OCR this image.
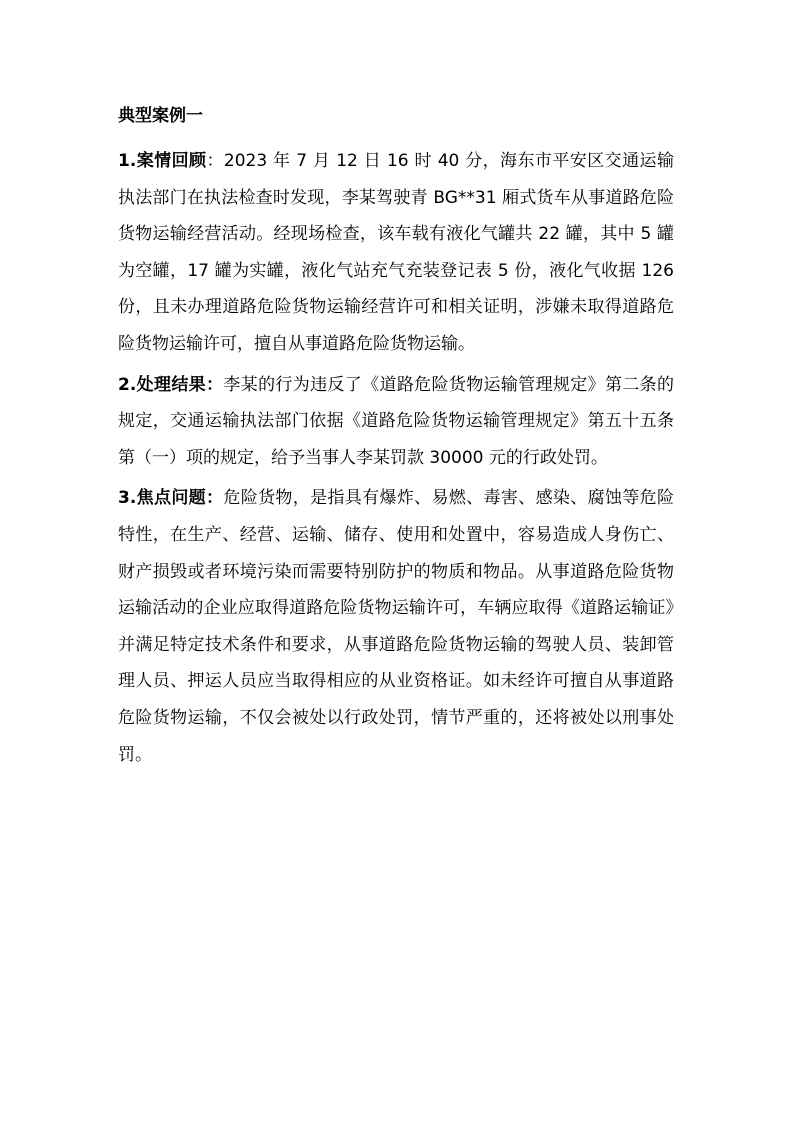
典型案例一

1.案情回顾：2023 年 7 月 12 日 16 时 40 分，海东市平安区交通运输执法部门在执法检查时发现，李某驾驶青 BG**31 厢式货车从事道路危险货物运输经营活动。经现场检查，该车载有液化气罐共 22 罐，其中 5 罐为空罐，17 罐为实罐，液化气站充气充装登记表 5 份，液化气收据 126 份，且未办理道路危险货物运输经营许可和相关证明，涉嫌未取得道路危险货物运输许可，擅自从事道路危险货物运输。

2.处理结果：李某的行为违反了《道路危险货物运输管理规定》第二条的规定，交通运输执法部门依据《道路危险货物运输管理规定》第五十五条第（一）项的规定，给予当事人李某罚款 30000 元的行政处罚。

3.焦点问题：危险货物，是指具有爆炸、易燃、毒害、感染、腐蚀等危险特性，在生产、经营、运输、储存、使用和处置中，容易造成人身伤亡、财产损毁或者环境污染而需要特别防护的物质和物品。从事道路危险货物运输活动的企业应取得道路危险货物运输许可，车辆应取得《道路运输证》并满足特定技术条件和要求，从事道路危险货物运输的驾驶人员、装卸管理人员、押运人员应当取得相应的从业资格证。如未经许可擅自从事道路危险货物运输，不仅会被处以行政处罚，情节严重的，还将被处以刑事处罚。
